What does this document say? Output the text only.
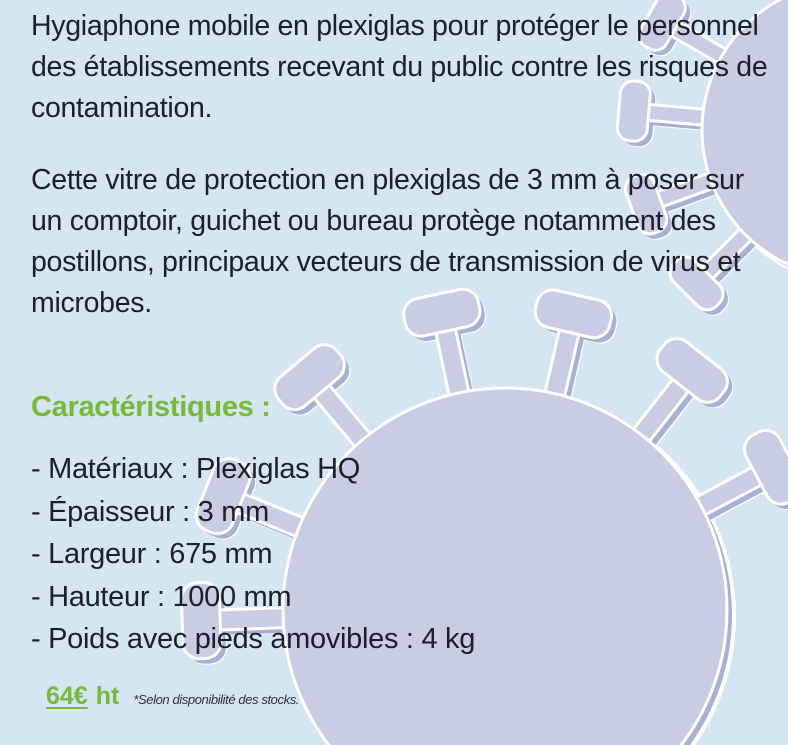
Hygiaphone mobile en plexiglas pour protéger le personnel des établissements recevant du public contre les risques de contamination.

Cette vitre de protection en plexiglas de 3 mm à poser sur un comptoir, guichet ou bureau protège notamment des postillons, principaux vecteurs de transmission de virus et microbes.

Caractéristiques :
- Matériaux : Plexiglas HQ
- Épaisseur : 3 mm
- Largeur : 675 mm
- Hauteur : 1000 mm
- Poids avec pieds amovibles : 4 kg
64€ ht *Selon disponibilité des stocks.
